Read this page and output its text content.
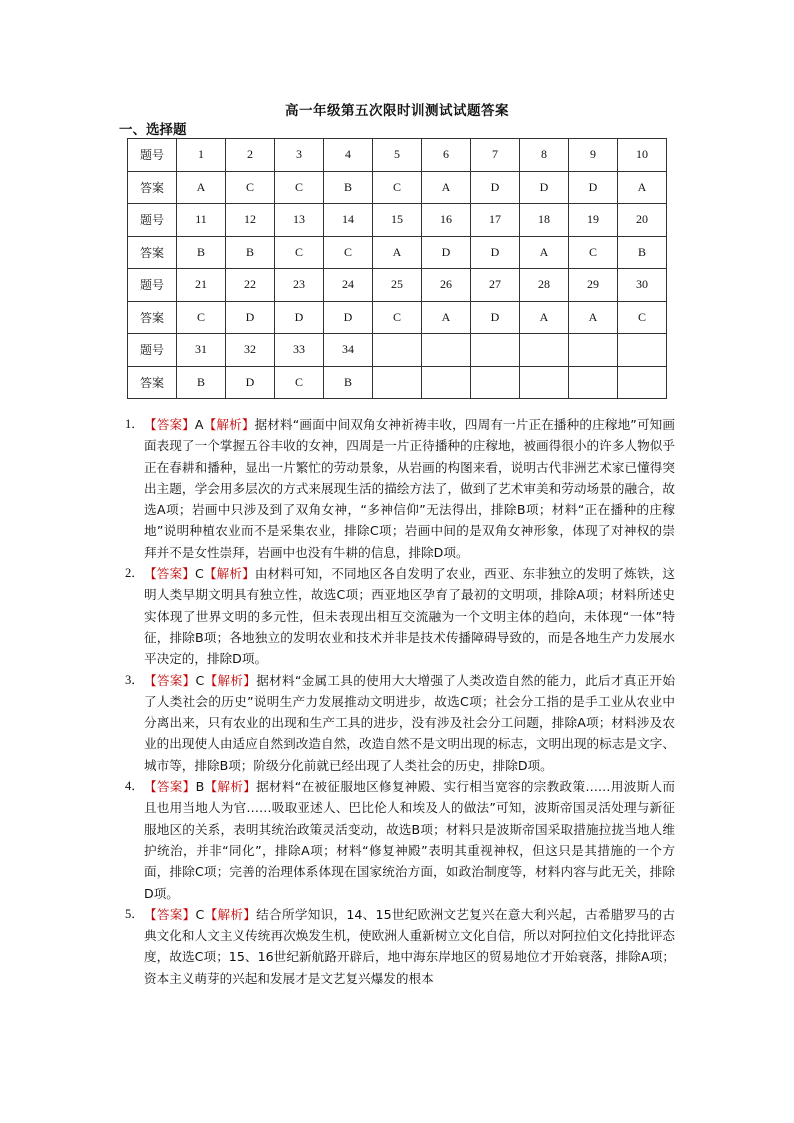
高一年级第五次限时训测试试题答案
一、选择题
题号	1	2	3	4	5	6	7	8	9	10
答案	A	C	C	B	C	A	D	D	D	A
题号	11	12	13	14	15	16	17	18	19	20
答案	B	B	C	C	A	D	D	A	C	B
题号	21	22	23	24	25	26	27	28	29	30
答案	C	D	D	D	C	A	D	A	A	C
题号	31	32	33	34						
答案	B	D	C	B						
1． 【答案】A【解析】据材料“画面中间双角女神祈祷丰收，四周有一片正在播种的庄稼地”可知画面表现了一个掌握五谷丰收的女神，四周是一片正待播种的庄稼地，被画得很小的许多人物似乎正在春耕和播种，显出一片繁忙的劳动景象，从岩画的构图来看，说明古代非洲艺术家已懂得突出主题，学会用多层次的方式来展现生活的描绘方法了，做到了艺术审美和劳动场景的融合，故选A项；岩画中只涉及到了双角女神，“多神信仰”无法得出，排除B项；材料“正在播种的庄稼地”说明种植农业而不是采集农业，排除C项；岩画中间的是双角女神形象，体现了对神权的崇拜并不是女性崇拜，岩画中也没有牛耕的信息，排除D项。
2． 【答案】C【解析】由材料可知，不同地区各自发明了农业，西亚、东非独立的发明了炼铁，这明人类早期文明具有独立性，故选C项；西亚地区孕育了最初的文明项，排除A项；材料所述史实体现了世界文明的多元性，但未表现出相互交流融为一个文明主体的趋向，未体现“一体”特征，排除B项；各地独立的发明农业和技术并非是技术传播障碍导致的，而是各地生产力发展水平决定的，排除D项。
3． 【答案】C【解析】据材料“金属工具的使用大大增强了人类改造自然的能力，此后才真正开始了人类社会的历史”说明生产力发展推动文明进步，故选C项；社会分工指的是手工业从农业中分离出来，只有农业的出现和生产工具的进步，没有涉及社会分工问题，排除A项；材料涉及农业的出现使人由适应自然到改造自然，改造自然不是文明出现的标志，文明出现的标志是文字、城市等，排除B项；阶级分化前就已经出现了人类社会的历史，排除D项。
4． 【答案】B【解析】据材料“在被征服地区修复神殿、实行相当宽容的宗教政策……用波斯人而且也用当地人为官……吸取亚述人、巴比伦人和埃及人的做法”可知，波斯帝国灵活处理与新征服地区的关系，表明其统治政策灵活变动，故选B项；材料只是波斯帝国采取措施拉拢当地人维护统治，并非“同化”，排除A项；材料“修复神殿”表明其重视神权，但这只是其措施的一个方面，排除C项；完善的治理体系体现在国家统治方面，如政治制度等，材料内容与此无关，排除D项。
5． 【答案】C【解析】结合所学知识，14、15世纪欧洲文艺复兴在意大利兴起，古希腊罗马的古典文化和人文主义传统再次焕发生机，使欧洲人重新树立文化自信，所以对阿拉伯文化持批评态度，故选C项；15、16世纪新航路开辟后，地中海东岸地区的贸易地位才开始衰落，排除A项；资本主义萌芽的兴起和发展才是文艺复兴爆发的根本
